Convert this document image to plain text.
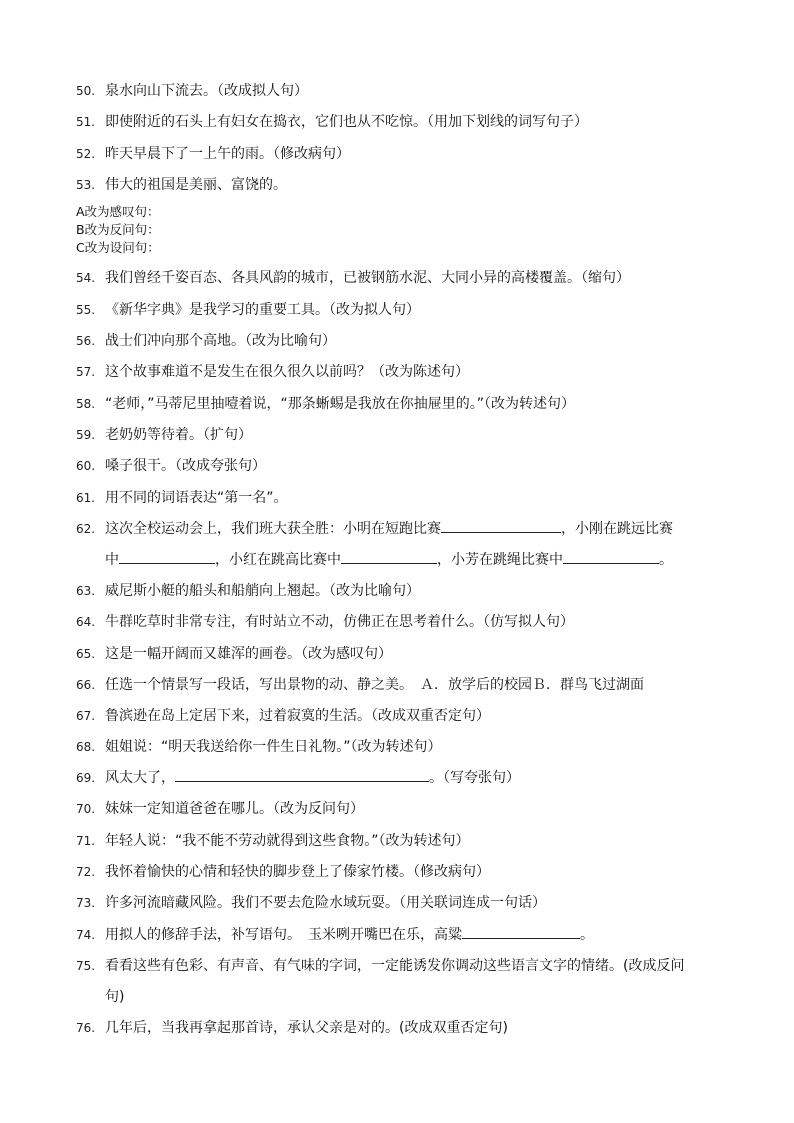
50. 泉水向山下流去。（改成拟人句）
51. 即使附近的石头上有妇女在捣衣，它们也从不吃惊。（用加下划线的词写句子）
52. 昨天早晨下了一上午的雨。（修改病句）
53. 伟大的祖国是美丽、富饶的。
A改为感叹句：
B改为反问句：
C改为设问句：
54. 我们曾经千姿百态、各具风韵的城市，已被钢筋水泥、大同小异的高楼覆盖。（缩句）
55. 《新华字典》是我学习的重要工具。（改为拟人句）
56. 战士们冲向那个高地。（改为比喻句）
57. 这个故事难道不是发生在很久很久以前吗？（改为陈述句）
58. “老师，”马蒂尼里抽噎着说，“那条蜥蜴是我放在你抽屉里的。”（改为转述句）
59. 老奶奶等待着。（扩句）
60. 嗓子很干。（改成夸张句）
61. 用不同的词语表达“第一名”。
62. 这次全校运动会上，我们班大获全胜：小明在短跑比赛	，小刚在跳远比赛
中	，小红在跳高比赛中	，小芳在跳绳比赛中	。
63. 威尼斯小艇的船头和船艄向上翘起。（改为比喻句）
64. 牛群吃草时非常专注，有时站立不动，仿佛正在思考着什么。（仿写拟人句）
65. 这是一幅开阔而又雄浑的画卷。（改为感叹句）
66. 任选一个情景写一段话，写出景物的动、静之美。　Ａ．放学后的校园Ｂ．群鸟飞过湖面
67. 鲁滨逊在岛上定居下来，过着寂寞的生活。（改成双重否定句）
68. 姐姐说：“明天我送给你一件生日礼物。”（改为转述句）
69. 风太大了，	。（写夸张句）
70. 妹妹一定知道爸爸在哪儿。（改为反问句）
71. 年轻人说：“我不能不劳动就得到这些食物。”（改为转述句）
72. 我怀着愉快的心情和轻快的脚步登上了傣家竹楼。（修改病句）
73. 许多河流暗藏风险。我们不要去危险水域玩耍。（用关联词连成一句话）
74. 用拟人的修辞手法，补写语句。　玉米咧开嘴巴在乐，高粱	。
75. 看看这些有色彩、有声音、有气味的字词，一定能诱发你调动这些语言文字的情绪。(改成反问
句)
76. 几年后，当我再拿起那首诗，承认父亲是对的。(改成双重否定句)
